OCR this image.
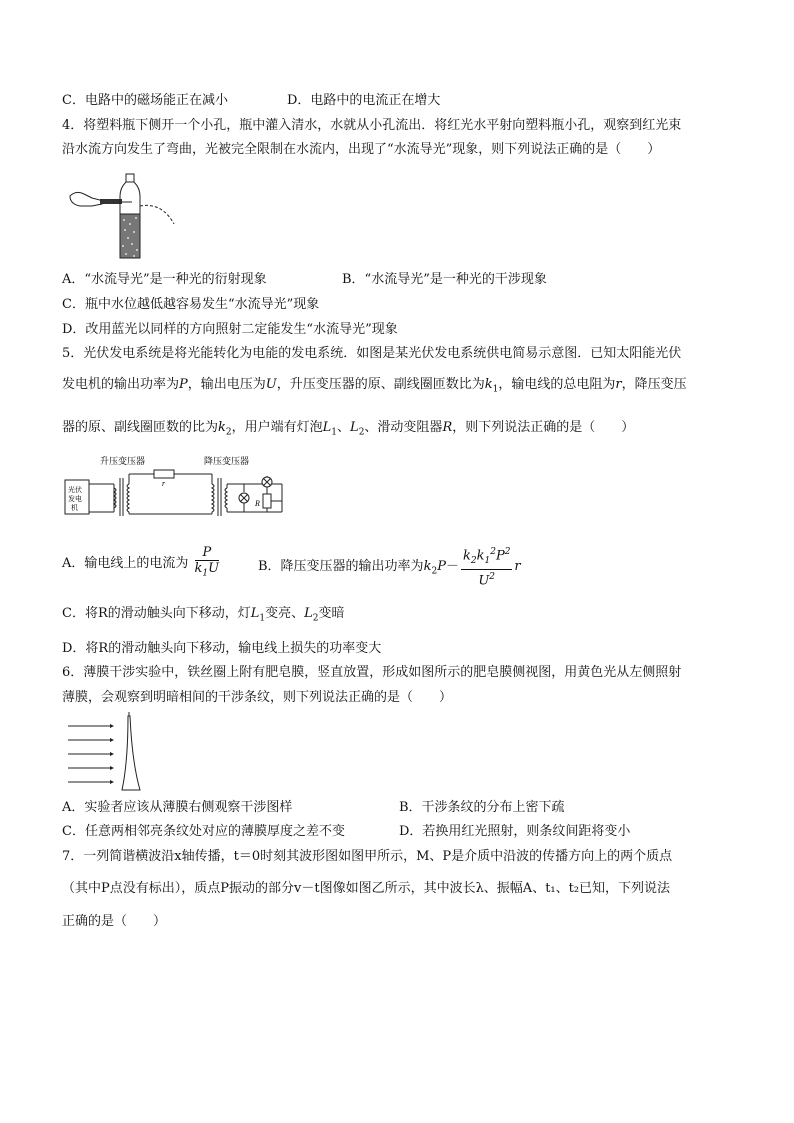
C．电路中的磁场能正在减小	D．电路中的电流正在增大
4．将塑料瓶下侧开一个小孔，瓶中灌入清水，水就从小孔流出．将红光水平射向塑料瓶小孔，观察到红光束
沿水流方向发生了弯曲，光被完全限制在水流内，出现了“水流导光”现象，则下列说法正确的是（　　）
A．“水流导光”是一种光的衍射现象	B．“水流导光”是一种光的干涉现象
C．瓶中水位越低越容易发生“水流导光”现象
D．改用蓝光以同样的方向照射二定能发生“水流导光”现象
5．光伏发电系统是将光能转化为电能的发电系统．如图是某光伏发电系统供电简易示意图．已知太阳能光伏
发电机的输出功率为P，输出电压为U，升压变压器的原、副线圈匝数比为$k_1$，输电线的总电阻为r，降压变压
器的原、副线圈匝数的比为$k_2$，用户端有灯泡$L_1$、$L_2$、滑动变阻器R，则下列说法正确的是（　　）
升压变压器	降压变压器
光伏
发电
机
r
R
A．输电线上的电流为 $\frac{P}{k_1U}$	B．降压变压器的输出功率为$k_2P- \frac{k_2k_1^2P^2}{U^2}$ r
C．将R的滑动触头向下移动，灯$L_1$变亮、$L_2$变暗
D．将R的滑动触头向下移动，输电线上损失的功率变大
6．薄膜干涉实验中，铁丝圈上附有肥皂膜，竖直放置，形成如图所示的肥皂膜侧视图，用黄色光从左侧照射
薄膜，会观察到明暗相间的干涉条纹，则下列说法正确的是（　　）
A．实验者应该从薄膜右侧观察干涉图样	B．干涉条纹的分布上密下疏
C．任意两相邻亮条纹处对应的薄膜厚度之差不变	D．若换用红光照射，则条纹间距将变小
7．一列简谐横波沿x轴传播，t＝0时刻其波形图如图甲所示，M、P是介质中沿波的传播方向上的两个质点
（其中P点没有标出），质点P振动的部分v－t图像如图乙所示，其中波长λ、振幅A、t₁、t₂已知，下列说法
正确的是（　　）
